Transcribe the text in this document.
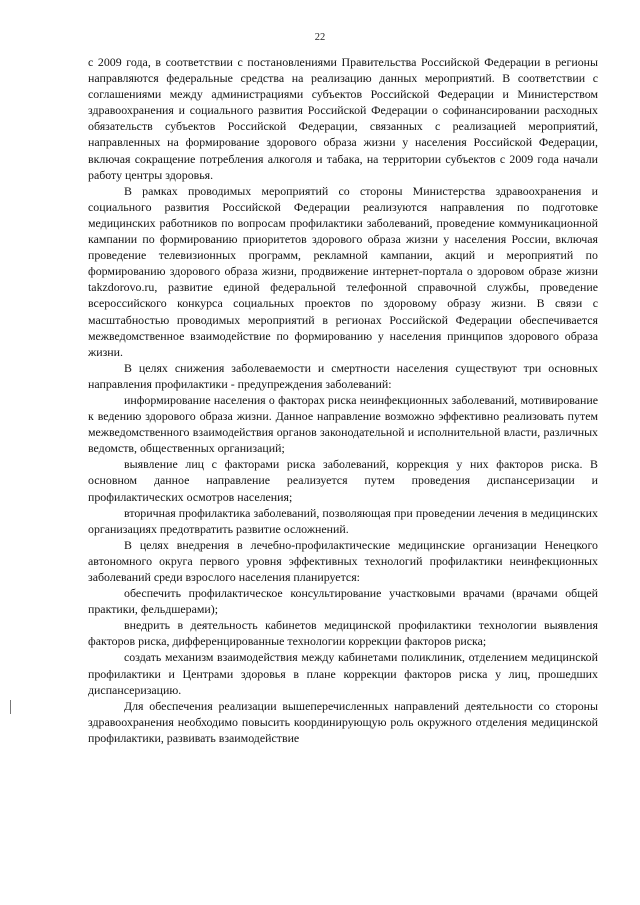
22

с 2009 года, в соответствии с постановлениями Правительства Российской Федерации в регионы направляются федеральные средства на реализацию данных мероприятий. В соответствии с соглашениями между администрациями субъектов Российской Федерации и Министерством здравоохранения и социального развития Российской Федерации о софинансировании расходных обязательств субъектов Российской Федерации, связанных с реализацией мероприятий, направленных на формирование здорового образа жизни у населения Российской Федерации, включая сокращение потребления алкоголя и табака, на территории субъектов с 2009 года начали работу центры здоровья.

В рамках проводимых мероприятий со стороны Министерства здравоохранения и социального развития Российской Федерации реализуются направления по подготовке медицинских работников по вопросам профилактики заболеваний, проведение коммуникационной кампании по формированию приоритетов здорового образа жизни у населения России, включая проведение телевизионных программ, рекламной кампании, акций и мероприятий по формированию здорового образа жизни, продвижение интернет-портала о здоровом образе жизни takzdorovo.ru, развитие единой федеральной телефонной справочной службы, проведение всероссийского конкурса социальных проектов по здоровому образу жизни. В связи с масштабностью проводимых мероприятий в регионах Российской Федерации обеспечивается межведомственное взаимодействие по формированию у населения принципов здорового образа жизни.

В целях снижения заболеваемости и смертности населения существуют три основных направления профилактики - предупреждения заболеваний:

информирование населения о факторах риска неинфекционных заболеваний, мотивирование к ведению здорового образа жизни. Данное направление возможно эффективно реализовать путем межведомственного взаимодействия органов законодательной и исполнительной власти, различных ведомств, общественных организаций;

выявление лиц с факторами риска заболеваний, коррекция у них факторов риска. В основном данное направление реализуется путем проведения диспансеризации и профилактических осмотров населения;

вторичная профилактика заболеваний, позволяющая при проведении лечения в медицинских организациях предотвратить развитие осложнений.

В целях внедрения в лечебно-профилактические медицинские организации Ненецкого автономного округа первого уровня эффективных технологий профилактики неинфекционных заболеваний среди взрослого населения планируется:

обеспечить профилактическое консультирование участковыми врачами (врачами общей практики, фельдшерами);

внедрить в деятельность кабинетов медицинской профилактики технологии выявления факторов риска, дифференцированные технологии коррекции факторов риска;

создать механизм взаимодействия между кабинетами поликлиник, отделением медицинской профилактики и Центрами здоровья в плане коррекции факторов риска у лиц, прошедших диспансеризацию.

Для обеспечения реализации вышеперечисленных направлений деятельности со стороны здравоохранения необходимо повысить координирующую роль окружного отделения медицинской профилактики, развивать взаимодействие
